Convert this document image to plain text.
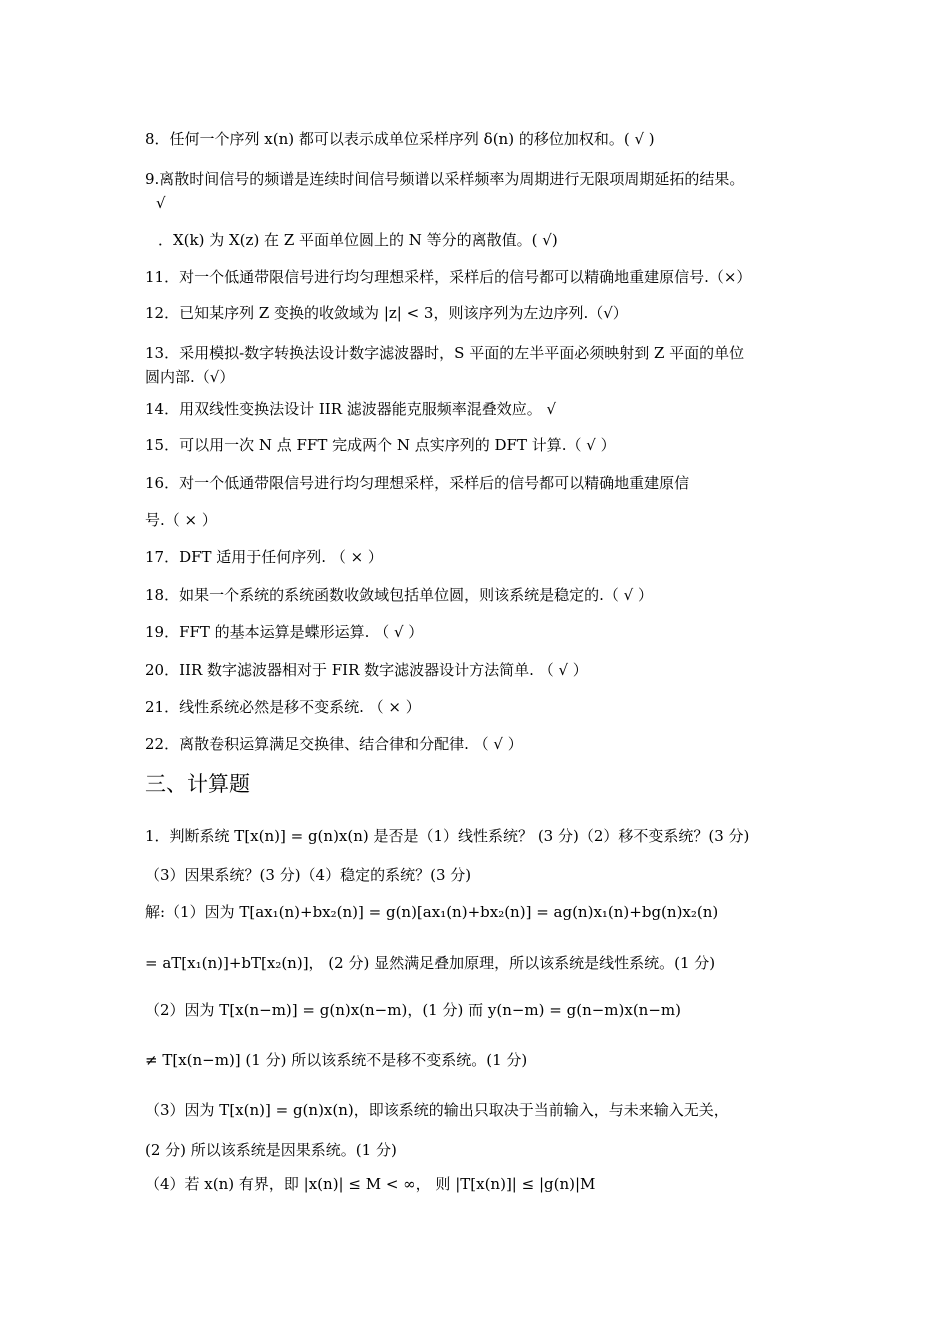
8．任何一个序列 x(n) 都可以表示成单位采样序列 δ(n) 的移位加权和。( √ )
9.离散时间信号的频谱是连续时间信号频谱以采样频率为周期进行无限项周期延拓的结果。
√
．X(k) 为 X(z) 在 Z 平面单位圆上的 N 等分的离散值。( √)
11．对一个低通带限信号进行均匀理想采样，采样后的信号都可以精确地重建原信号.（×）
12．已知某序列 Z 变换的收敛域为 |z| < 3，则该序列为左边序列.（√）
13．采用模拟-数字转换法设计数字滤波器时，S 平面的左半平面必须映射到 Z 平面的单位
圆内部.（√）
14．用双线性变换法设计 IIR 滤波器能克服频率混叠效应。 √
15．可以用一次 N 点 FFT 完成两个 N 点实序列的 DFT 计算.（ √ ）
16．对一个低通带限信号进行均匀理想采样，采样后的信号都可以精确地重建原信
号.（ × ）
17．DFT 适用于任何序列. （ × ）
18．如果一个系统的系统函数收敛域包括单位圆，则该系统是稳定的.（ √ ）
19．FFT 的基本运算是蝶形运算. （ √ ）
20．IIR 数字滤波器相对于 FIR 数字滤波器设计方法简单. （ √ ）
21．线性系统必然是移不变系统. （ × ）
22．离散卷积运算满足交换律、结合律和分配律. （ √ ）
三、计算题
1．判断系统 T[x(n)] = g(n)x(n) 是否是（1）线性系统？ (3 分)（2）移不变系统？(3 分)
（3）因果系统？(3 分)（4）稳定的系统？(3 分)
解:（1）因为 T[ax₁(n)+bx₂(n)] = g(n)[ax₁(n)+bx₂(n)] = ag(n)x₁(n)+bg(n)x₂(n)
= aT[x₁(n)]+bT[x₂(n)]， (2 分) 显然满足叠加原理，所以该系统是线性系统。(1 分)
（2）因为 T[x(n−m)] = g(n)x(n−m)，(1 分) 而 y(n−m) = g(n−m)x(n−m)
≠ T[x(n−m)] (1 分) 所以该系统不是移不变系统。(1 分)
（3）因为 T[x(n)] = g(n)x(n)，即该系统的输出只取决于当前输入，与未来输入无关，
(2 分) 所以该系统是因果系统。(1 分)
（4）若 x(n) 有界，即 |x(n)| ≤ M < ∞， 则 |T[x(n)]| ≤ |g(n)|M
